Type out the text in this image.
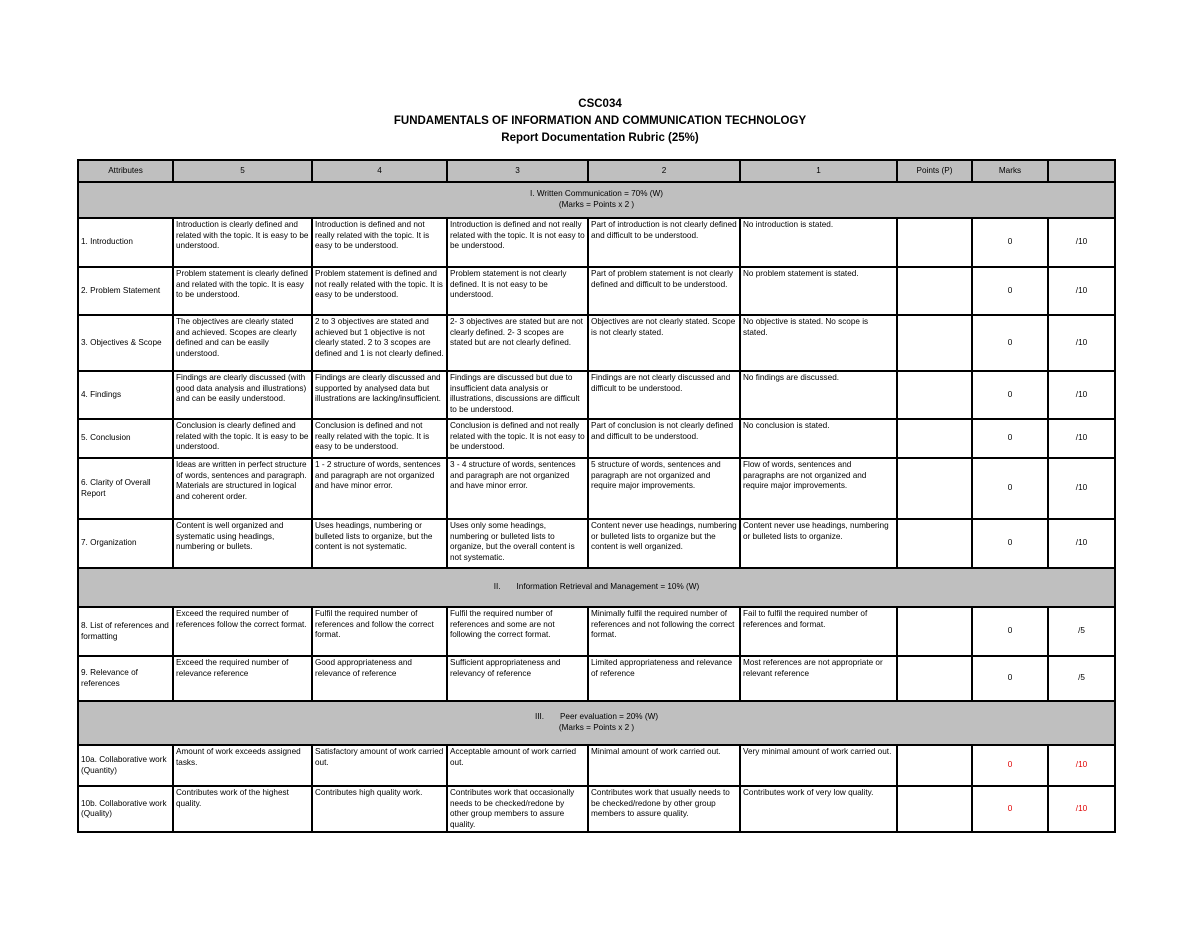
CSC034
FUNDAMENTALS OF INFORMATION AND COMMUNICATION TECHNOLOGY
Report Documentation Rubric (25%)
Attributes	5	4	3	2	1	Points (P)	Marks	

I. Written Communication = 70% (W)
(Marks = Points x 2 )								

1. Introduction	Introduction is clearly defined and related with the topic. It is easy to be understood.	Introduction is defined and not really related with the topic. It is easy to be understood.	Introduction is defined and not really related with the topic. It is not easy to be understood.	Part of introduction is not clearly defined and difficult to be understood.	No introduction is stated.		0	/10
2. Problem Statement	Problem statement is clearly defined and related with the topic. It is easy to be understood.	Problem statement is defined and not really related with the topic. It is easy to be understood.	Problem statement is not clearly defined. It is not easy to be understood.	Part of problem statement is not clearly defined and difficult to be understood.	No problem statement is stated.		0	/10
3. Objectives & Scope	The objectives are clearly stated and achieved. Scopes are clearly defined and can be easily understood.	2 to 3 objectives are stated and achieved but 1 objective is not clearly stated. 2 to 3 scopes are defined and 1 is not clearly defined.	2- 3 objectives are stated but are not clearly defined. 2- 3 scopes are stated but are not clearly defined.	Objectives are not clearly stated. Scope is not clearly stated.	No objective is stated. No scope is stated.		0	/10
4. Findings	Findings are clearly discussed (with good data analysis and illustrations) and can be easily understood.	Findings are clearly discussed and supported by analysed data but illustrations are lacking/insufficient.	Findings are discussed but due to insufficient data analysis or illustrations, discussions are difficult to be understood.	Findings are not clearly discussed and difficult to be understood.	No findings are discussed.		0	/10
5. Conclusion	Conclusion is clearly defined and related with the topic. It is easy to be understood.	Conclusion is defined and not really related with the topic. It is easy to be understood.	Conclusion is defined and not really related with the topic. It is not easy to be understood.	Part of conclusion is not clearly defined and difficult to be understood.	No conclusion is stated.		0	/10
6. Clarity of Overall Report	Ideas are written in perfect structure of words, sentences and paragraph. Materials are structured in logical and coherent order.	1 - 2 structure of words, sentences and paragraph are not organized and have minor error.	3 - 4 structure of words, sentences and paragraph are not organized and have minor error.	5 structure of words, sentences and paragraph are not organized and require major improvements.	Flow of words, sentences and paragraphs are not organized and require major improvements.		0	/10
7. Organization	Content is well organized and systematic using headings, numbering or bullets.	Uses headings, numbering or bulleted lists to organize, but the content is not systematic.	Uses only some headings, numbering or bulleted lists to organize, but the overall content is not systematic.	Content never use headings, numbering or bulleted lists to organize but the content is well organized.	Content never use headings, numbering or bulleted lists to organize.		0	/10

II.       Information Retrieval and Management = 10% (W)								

8. List of references and formatting	Exceed the required number of references follow the correct format.	Fulfil the required number of references and follow the correct format.	Fulfil the required number of references and some are not following the correct format.	Minimally fulfil the required number of references and not following the correct format.	Fail to fulfil the required number of references and format.		0	/5
9. Relevance of references	Exceed the required number of relevance reference	Good appropriateness and relevance of reference	Sufficient appropriateness and relevancy of reference	Limited appropriateness and relevance of reference	Most references are not appropriate or relevant reference		0	/5

III.       Peer evaluation = 20% (W)
(Marks = Points x 2 )								

10a. Collaborative work (Quantity)	Amount of work exceeds assigned tasks.	Satisfactory amount of work carried out.	Acceptable amount of work carried out.	Minimal amount of work carried out.	Very minimal amount of work carried out.		0	/10
10b. Collaborative work (Quality)	Contributes work of the highest quality.	Contributes high quality work.	Contributes work that occasionally needs to be checked/redone by other group members to assure quality.	Contributes work that usually needs to be checked/redone by other group members to assure quality.	Contributes work of very low quality.		0	/10
